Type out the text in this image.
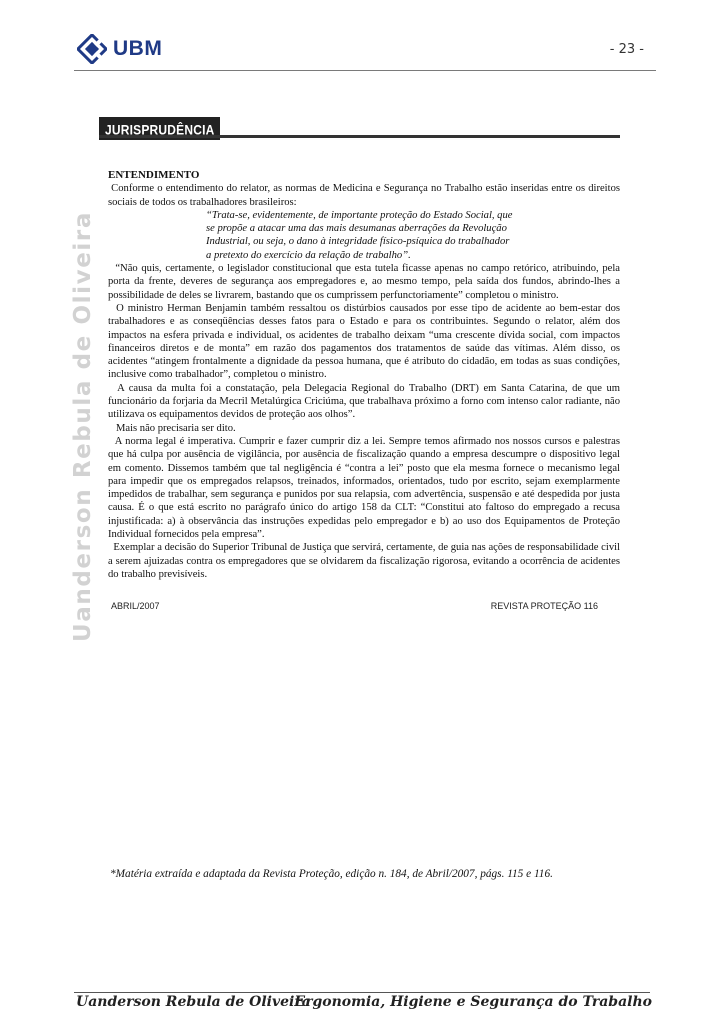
UBM	- 23 -
JURISPRUDÊNCIA
Uanderson Rebula de Oliveira

ENTENDIMENTO

Conforme o entendimento do relator, as normas de Medicina e Segurança no Trabalho estão inseridas entre os direitos sociais de todos os trabalhadores brasileiros:

“Trata-se, evidentemente, de importante proteção do Estado Social, que
se propõe a atacar uma das mais desumanas aberrações da Revolução
Industrial, ou seja, o dano à integridade físico-psíquica do trabalhador
a pretexto do exercício da relação de trabalho”.

“Não quis, certamente, o legislador constitucional que esta tutela ficasse apenas no campo retórico, atribuindo, pela porta da frente, deveres de segurança aos empregadores e, ao mesmo tempo, pela saída dos fundos, abrindo-lhes a possibilidade de deles se livrarem, bastando que os cumprissem perfunctoriamente” completou o ministro.

O ministro Herman Benjamin também ressaltou os distúrbios causados por esse tipo de acidente ao bem-estar dos trabalhadores e as conseqüências desses fatos para o Estado e para os contribuintes. Segundo o relator, além dos impactos na esfera privada e individual, os acidentes de trabalho deixam “uma crescente dívida social, com impactos financeiros diretos e de monta” em razão dos pagamentos dos tratamentos de saúde das vítimas. Além disso, os acidentes “atingem frontalmente a dignidade da pessoa humana, que é atributo do cidadão, em todas as suas condições, inclusive como trabalhador”, completou o ministro.

A causa da multa foi a constatação, pela Delegacia Regional do Trabalho (DRT) em Santa Catarina, de que um funcionário da forjaria da Mecril Metalúrgica Criciúma, que trabalhava próximo a forno com intenso calor radiante, não utilizava os equipamentos devidos de proteção aos olhos”.

Mais não precisaria ser dito.

A norma legal é imperativa. Cumprir e fazer cumprir diz a lei. Sempre temos afirmado nos nossos cursos e palestras que há culpa por ausência de vigilância, por ausência de fiscalização quando a empresa descumpre o dispositivo legal em comento. Dissemos também que tal negligência é “contra a lei” posto que ela mesma fornece o mecanismo legal para impedir que os empregados relapsos, treinados, informados, orientados, tudo por escrito, sejam exemplarmente impedidos de trabalhar, sem segurança e punidos por sua relapsia, com advertência, suspensão e até despedida por justa causa. É o que está escrito no parágrafo único do artigo 158 da CLT: “Constitui ato faltoso do empregado a recusa injustificada: a) à observância das instruções expedidas pelo empregador e b) ao uso dos Equipamentos de Proteção Individual fornecidos pela empresa”.

Exemplar a decisão do Superior Tribunal de Justiça que servirá, certamente, de guia nas ações de responsabilidade civil a serem ajuizadas contra os empregadores que se olvidarem da fiscalização rigorosa, evitando a ocorrência de acidentes do trabalho previsíveis.

ABRIL/2007	REVISTA PROTEÇÃO 116
*Matéria extraída e adaptada da Revista Proteção, edição n. 184, de Abril/2007, págs. 115 e 116.
Uanderson Rebula de Oliveira
Ergonomia, Higiene e Segurança do Trabalho
